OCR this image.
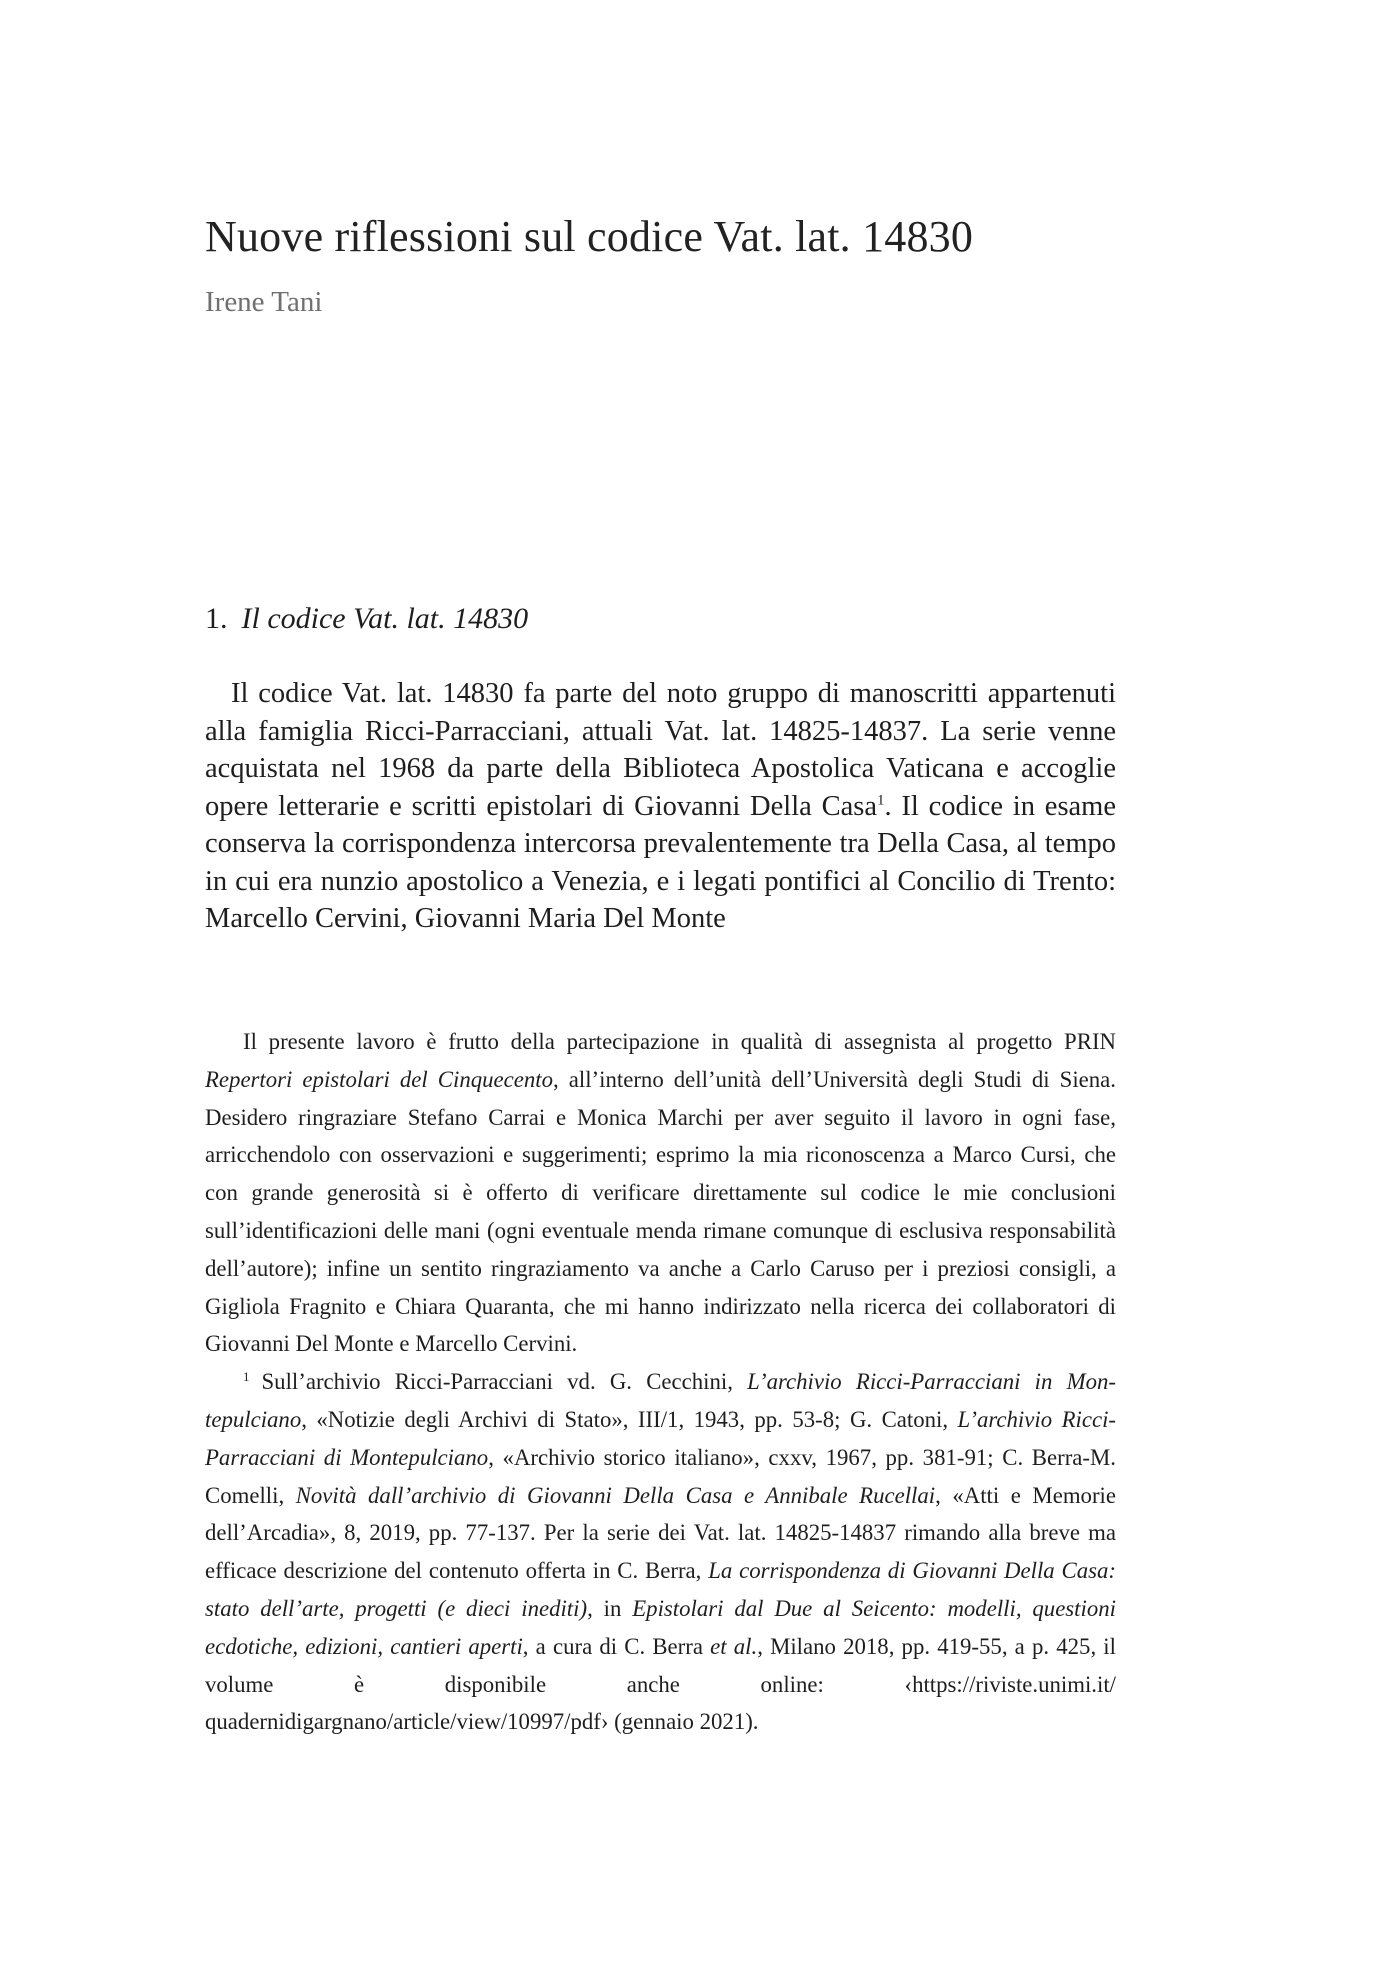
Nuove riflessioni sul codice Vat. lat. 14830

Irene Tani

1. Il codice Vat. lat. 14830

Il codice Vat. lat. 14830 fa parte del noto gruppo di manoscritti appartenuti alla famiglia Ricci-Parracciani, attuali Vat. lat. 14825-14837. La serie venne acquistata nel 1968 da parte della Biblioteca Apostolica Vaticana e accoglie opere letterarie e scritti epistolari di Giovanni Della Casa$^1$. Il codice in esame conserva la corrispondenza intercorsa prevalentemente tra Della Casa, al tempo in cui era nunzio apostolico a Venezia, e i legati pontifici al Concilio di Trento: Marcello Cervini, Giovanni Maria Del Monte

Il presente lavoro è frutto della partecipazione in qualità di assegnista al progetto PRIN Repertori epistolari del Cinquecento, all’interno dell’unità dell’Università degli Studi di Siena. Desidero ringraziare Stefano Carrai e Monica Marchi per aver seguito il lavoro in ogni fase, arricchendolo con osservazioni e suggerimenti; esprimo la mia riconoscenza a Marco Cursi, che con grande generosità si è offerto di verificare direttamente sul codice le mie conclusioni sull’identificazioni delle mani (ogni eventuale menda rimane comunque di esclusiva responsabilità dell’autore); infine un sentito ringraziamento va anche a Carlo Caruso per i preziosi consigli, a Gigliola Fragnito e Chiara Quaranta, che mi hanno indirizzato nella ricerca dei collaboratori di Giovanni Del Monte e Marcello Cervini.

$^1$ Sull’archivio Ricci-Parracciani vd. G. Cecchini, L’archivio Ricci-Parracciani in Montepulciano, «Notizie degli Archivi di Stato», III/1, 1943, pp. 53-8; G. Catoni, L’archivio Ricci-Parracciani di Montepulciano, «Archivio storico italiano», cxxv, 1967, pp. 381-91; C. Berra-M. Comelli, Novità dall’archivio di Giovanni Della Casa e Annibale Rucellai, «Atti e Memorie dell’Arcadia», 8, 2019, pp. 77-137. Per la serie dei Vat. lat. 14825-14837 rimando alla breve ma efficace descrizione del contenuto offerta in C. Berra, La corrispondenza di Giovanni Della Casa: stato dell’arte, progetti (e dieci inediti), in Epistolari dal Due al Seicento: modelli, questioni ecdotiche, edizioni, cantieri aperti, a cura di C. Berra et al., Milano 2018, pp. 419-55, a p. 425, il volume è disponibile anche online: ‹https://riviste.unimi.it/​quadernidigargnano/article/view/10997/pdf› (gennaio 2021).
